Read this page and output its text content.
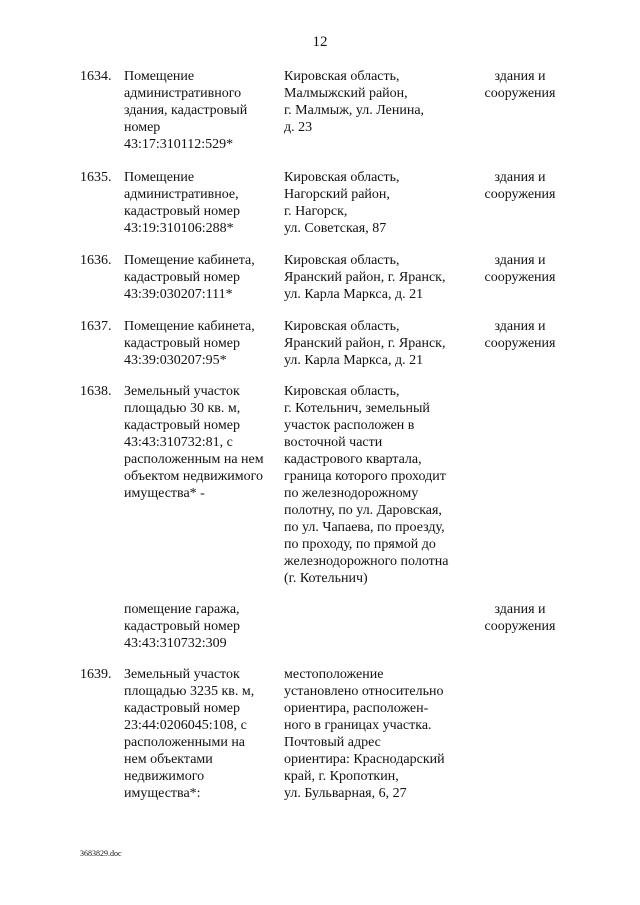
12
1634. Помещение
административного
здания, кадастровый
номер
43:17:310112:529*
Кировская область,
Малмыжский район,
г. Малмыж, ул. Ленина,
д. 23
здания и
сооружения
1635. Помещение
административное,
кадастровый номер
43:19:310106:288*
Кировская область,
Нагорский район,
г. Нагорск,
ул. Советская, 87
здания и
сооружения
1636. Помещение кабинета,
кадастровый номер
43:39:030207:111*
Кировская область,
Яранский район, г. Яранск,
ул. Карла Маркса, д. 21
здания и
сооружения
1637. Помещение кабинета,
кадастровый номер
43:39:030207:95*
Кировская область,
Яранский район, г. Яранск,
ул. Карла Маркса, д. 21
здания и
сооружения
1638. Земельный участок
площадью 30 кв. м,
кадастровый номер
43:43:310732:81, с
расположенным на нем
объектом недвижимого
имущества* -
Кировская область,
г. Котельнич, земельный
участок расположен в
восточной части
кадастрового квартала,
граница которого проходит
по железнодорожному
полотну, по ул. Даровская,
по ул. Чапаева, по проезду,
по проходу, по прямой до
железнодорожного полотна
(г. Котельнич)
помещение гаража,
кадастровый номер
43:43:310732:309
здания и
сооружения
1639. Земельный участок
площадью 3235 кв. м,
кадастровый номер
23:44:0206045:108, с
расположенными на
нем объектами
недвижимого
имущества*:
местоположение
установлено относительно
ориентира, расположен-
ного в границах участка.
Почтовый адрес
ориентира: Краснодарский
край, г. Кропоткин,
ул. Бульварная, 6, 27
3683829.doc
